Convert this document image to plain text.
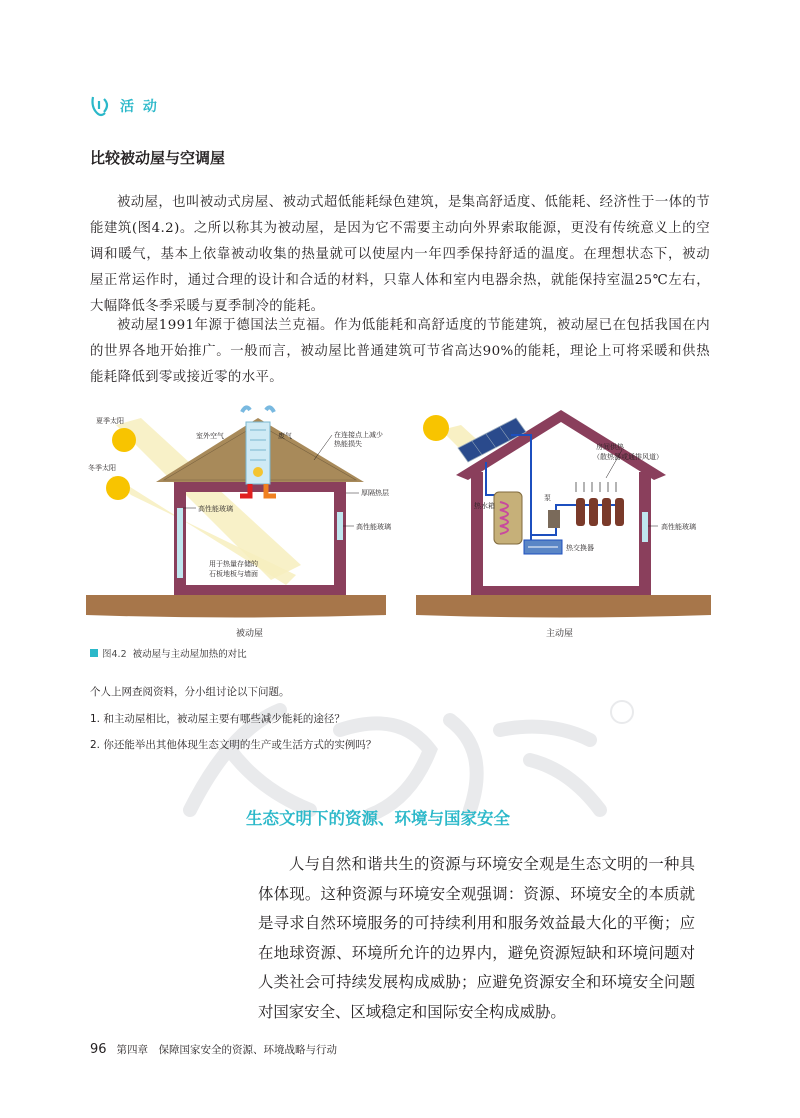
活 动
比较被动屋与空调屋
被动屋，也叫被动式房屋、被动式超低能耗绿色建筑，是集高舒适度、低能耗、经济性于一体的节能建筑(图4.2)。之所以称其为被动屋，是因为它不需要主动向外界索取能源，更没有传统意义上的空调和暖气，基本上依靠被动收集的热量就可以使屋内一年四季保持舒适的温度。在理想状态下，被动屋正常运作时，通过合理的设计和合适的材料，只靠人体和室内电器余热，就能保持室温25℃左右，大幅降低冬季采暖与夏季制冷的能耗。
被动屋1991年源于德国法兰克福。作为低能耗和高舒适度的节能建筑，被动屋已在包括我国在内的世界各地开始推广。一般而言，被动屋比普通建筑可节省高达90%的能耗，理论上可将采暖和供热能耗降低到零或接近零的水平。
夏季太阳
冬季太阳
室外空气	废气	在连接点上减少
热能损失
厚隔热层
高性能玻璃
高性能玻璃
用于热量存储的
石板地板与墙面
被动屋
房间供热
（散热器或通排风道）
泵
热水箱
热交换器
高性能玻璃
主动屋
图4.2 被动屋与主动屋加热的对比
个人上网查阅资料，分小组讨论以下问题。
1. 和主动屋相比，被动屋主要有哪些减少能耗的途径？
2. 你还能举出其他体现生态文明的生产或生活方式的实例吗？
生态文明下的资源、环境与国家安全
人与自然和谐共生的资源与环境安全观是生态文明的一种具体体现。这种资源与环境安全观强调：资源、环境安全的本质就是寻求自然环境服务的可持续利用和服务效益最大化的平衡；应在地球资源、环境所允许的边界内，避免资源短缺和环境问题对人类社会可持续发展构成威胁；应避免资源安全和环境安全问题对国家安全、区域稳定和国际安全构成威胁。
96 第四章　保障国家安全的资源、环境战略与行动
